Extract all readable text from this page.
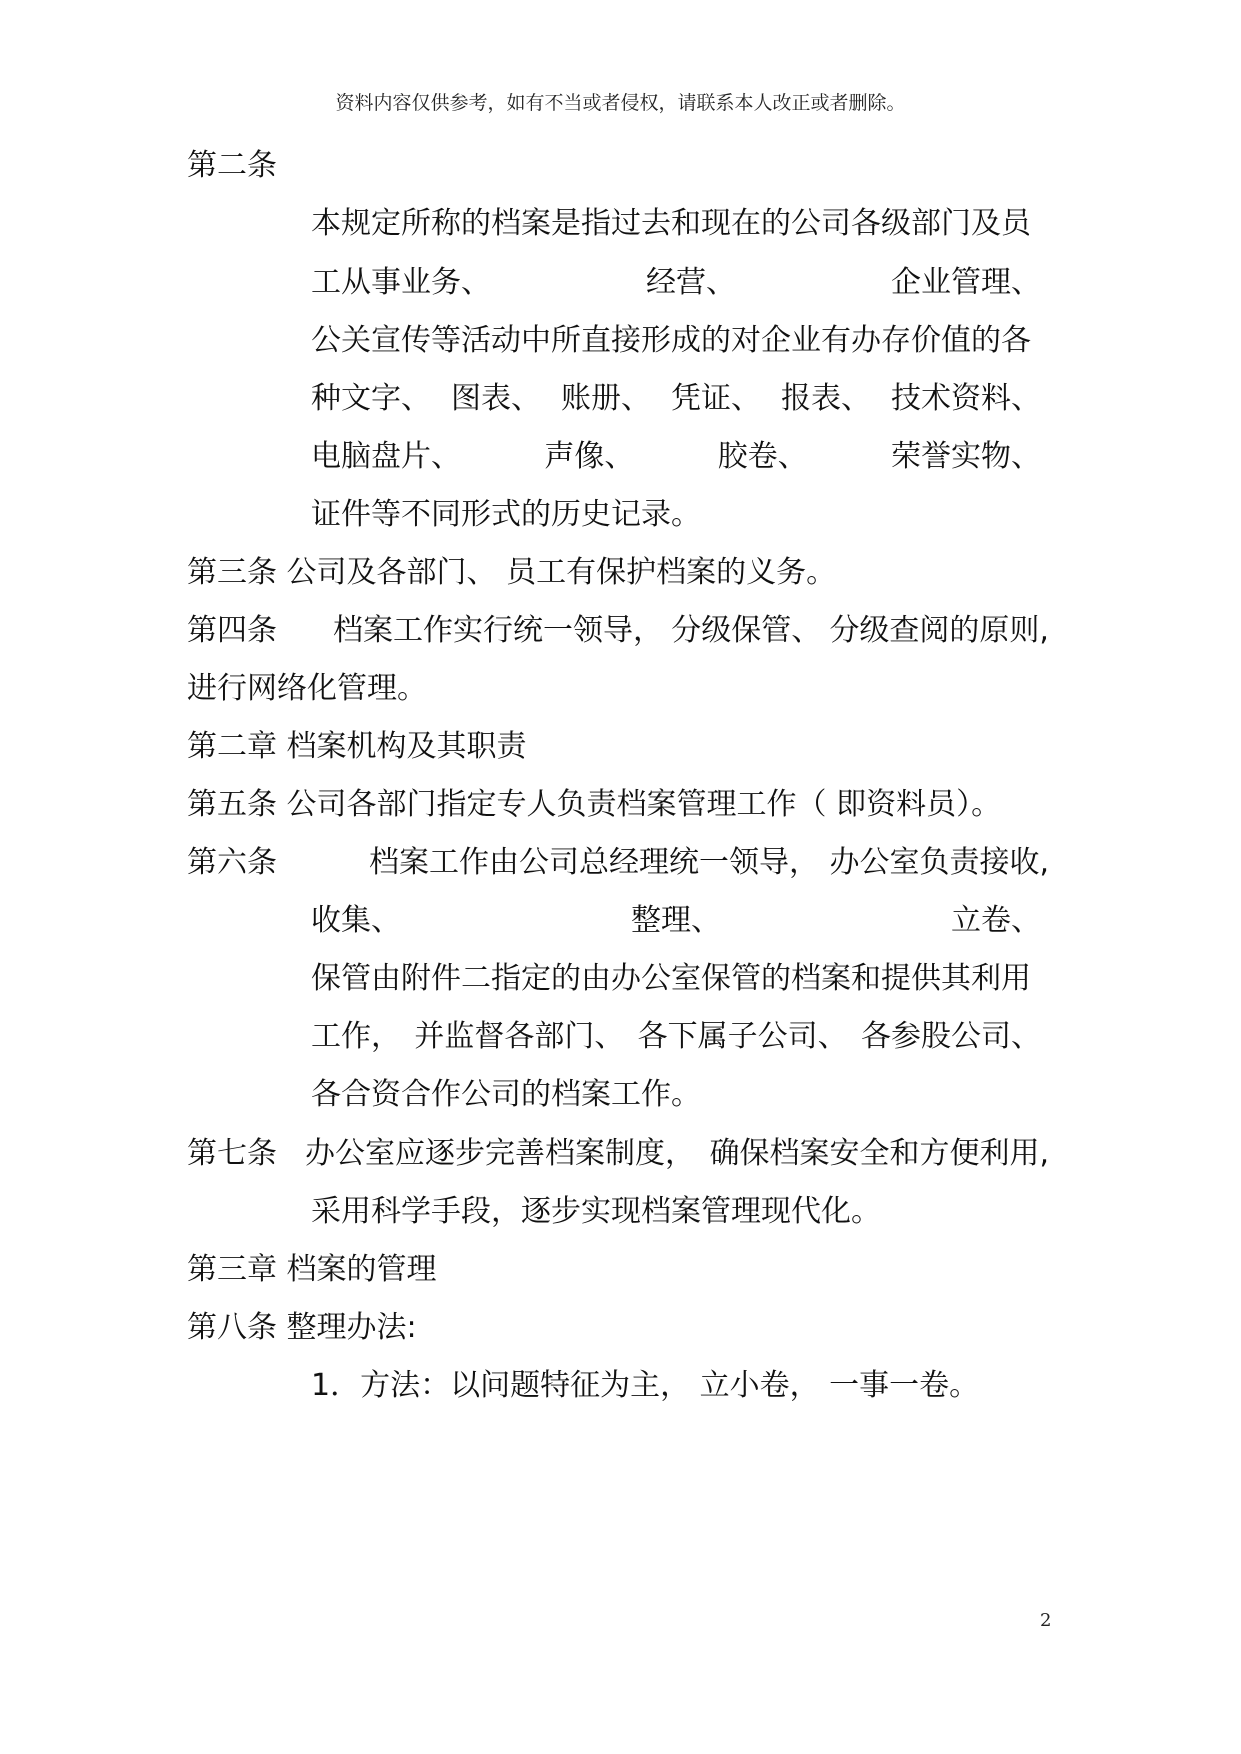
资料内容仅供参考，如有不当或者侵权，请联系本人改正或者删除。
第二条
本规定所称的档案是指过去和现在的公司各级部门及员
工从事业务、	经营、	企业管理、
公关宣传等活动中所直接形成的对企业有办存价值的各
种文字、 图表、 账册、 凭证、 报表、 技术资料、
电脑盘片、	声像、	胶卷、	荣誉实物、
证件等不同形式的历史记录。
第三条 公司及各部门、 员工有保护档案的义务。
第四条	档案工作实行统一领导， 分级保管、 分级查阅的原则,
进行网络化管理。
第二章 档案机构及其职责
第五条 公司各部门指定专人负责档案管理工作（ 即资料员）。
第六条	档案工作由公司总经理统一领导， 办公室负责接收,
收集、	整理、	立卷、
保管由附件二指定的由办公室保管的档案和提供其利用
工作， 并监督各部门、 各下属子公司、 各参股公司、
各合资合作公司的档案工作。
第七条 办公室应逐步完善档案制度， 确保档案安全和方便利用,
采用科学手段，逐步实现档案管理现代化。
第三章 档案的管理
第八条 整理办法:
1．方法：以问题特征为主， 立小卷， 一事一卷。
2
